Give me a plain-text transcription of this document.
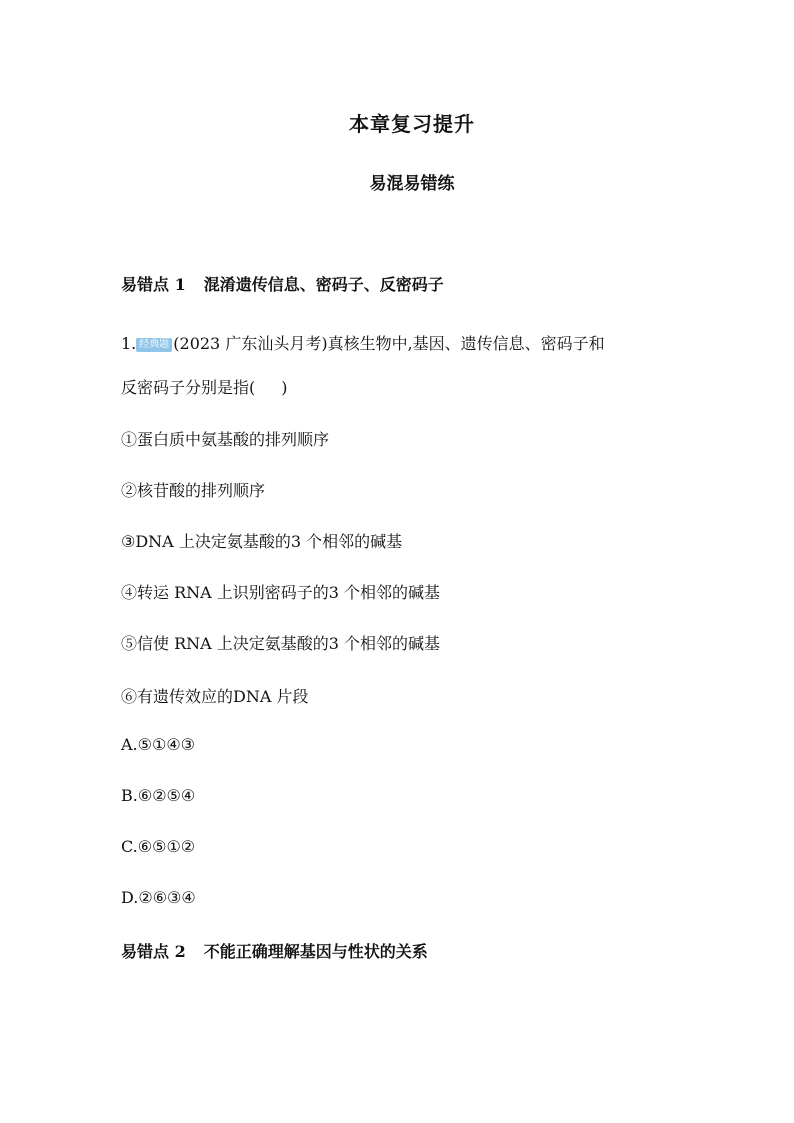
本章复习提升
易混易错练
易错点 1 混淆遗传信息、密码子、反密码子
1. 经典题 (2023 广东汕头月考)真核生物中,基因、遗传信息、密码子和
反密码子分别是指( )
①蛋白质中氨基酸的排列顺序
②核苷酸的排列顺序
③DNA 上决定氨基酸的3 个相邻的碱基
④转运 RNA 上识别密码子的3 个相邻的碱基
⑤信使 RNA 上决定氨基酸的3 个相邻的碱基
⑥有遗传效应的DNA 片段
A.⑤①④③
B.⑥②⑤④
C.⑥⑤①②
D.②⑥③④
易错点 2 不能正确理解基因与性状的关系
